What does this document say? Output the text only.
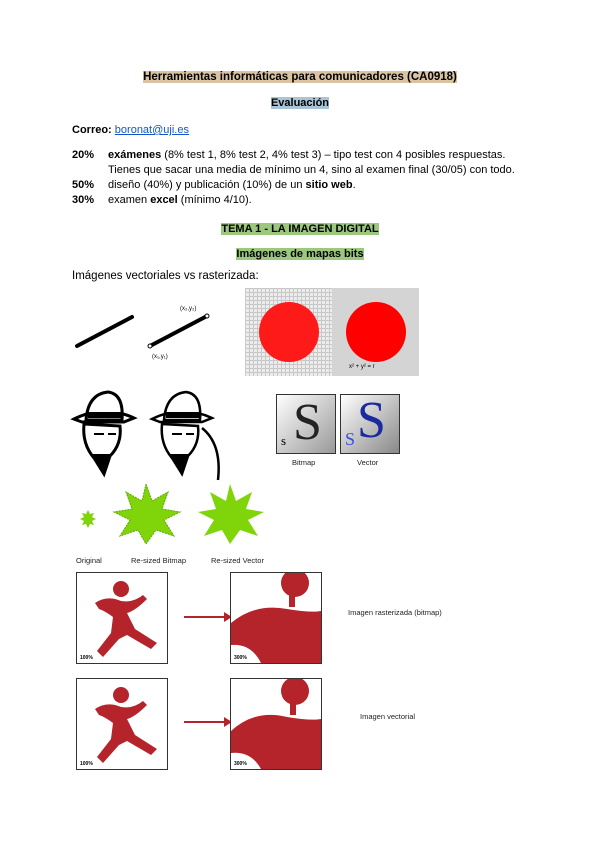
Herramientas informáticas para comunicadores (CA0918)
Evaluación
Correo: boronat@uji.es
20%	exámenes (8% test 1, 8% test 2, 4% test 3) – tipo test con 4 posibles respuestas.
Tienes que sacar una media de mínimo un 4, sino al examen final (30/05) con todo.
50%	diseño (40%) y publicación (10%) de un sitio web.
30%	examen excel (mínimo 4/10).
TEMA 1 - LA IMAGEN DIGITAL
Imágenes de mapas bits
Imágenes vectoriales vs rasterizada:
(x₂,y₂)
(x₁,y₁)
x² + y² = r
S
s S
S
Bitmap	Vector
Original	Re-sized Bitmap	Re-sized Vector
100%	300%
Imagen rasterizada (bitmap)
100%	300%
Imagen vectorial
